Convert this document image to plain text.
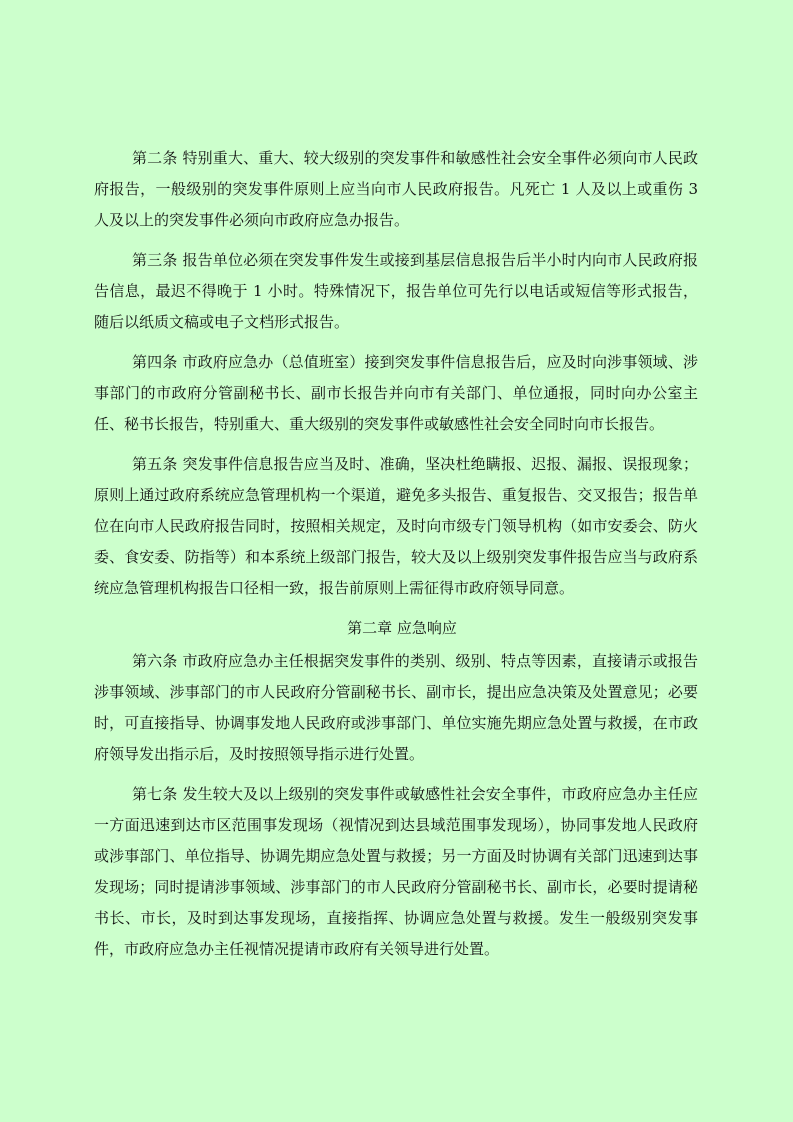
第二条 特别重大、重大、较大级别的突发事件和敏感性社会安全事件必须向市人民政府报告，一般级别的突发事件原则上应当向市人民政府报告。凡死亡 1 人及以上或重伤 3 人及以上的突发事件必须向市政府应急办报告。

第三条 报告单位必须在突发事件发生或接到基层信息报告后半小时内向市人民政府报告信息，最迟不得晚于 1 小时。特殊情况下，报告单位可先行以电话或短信等形式报告，随后以纸质文稿或电子文档形式报告。

第四条 市政府应急办（总值班室）接到突发事件信息报告后，应及时向涉事领域、涉事部门的市政府分管副秘书长、副市长报告并向市有关部门、单位通报，同时向办公室主任、秘书长报告，特别重大、重大级别的突发事件或敏感性社会安全同时向市长报告。

第五条 突发事件信息报告应当及时、准确，坚决杜绝瞒报、迟报、漏报、误报现象；原则上通过政府系统应急管理机构一个渠道，避免多头报告、重复报告、交叉报告；报告单位在向市人民政府报告同时，按照相关规定，及时向市级专门领导机构（如市安委会、防火委、食安委、防指等）和本系统上级部门报告，较大及以上级别突发事件报告应当与政府系统应急管理机构报告口径相一致，报告前原则上需征得市政府领导同意。

第二章 应急响应

第六条 市政府应急办主任根据突发事件的类别、级别、特点等因素，直接请示或报告涉事领域、涉事部门的市人民政府分管副秘书长、副市长，提出应急决策及处置意见；必要时，可直接指导、协调事发地人民政府或涉事部门、单位实施先期应急处置与救援，在市政府领导发出指示后，及时按照领导指示进行处置。

第七条 发生较大及以上级别的突发事件或敏感性社会安全事件，市政府应急办主任应一方面迅速到达市区范围事发现场（视情况到达县域范围事发现场），协同事发地人民政府或涉事部门、单位指导、协调先期应急处置与救援；另一方面及时协调有关部门迅速到达事发现场；同时提请涉事领域、涉事部门的市人民政府分管副秘书长、副市长，必要时提请秘书长、市长，及时到达事发现场，直接指挥、协调应急处置与救援。发生一般级别突发事件，市政府应急办主任视情况提请市政府有关领导进行处置。
